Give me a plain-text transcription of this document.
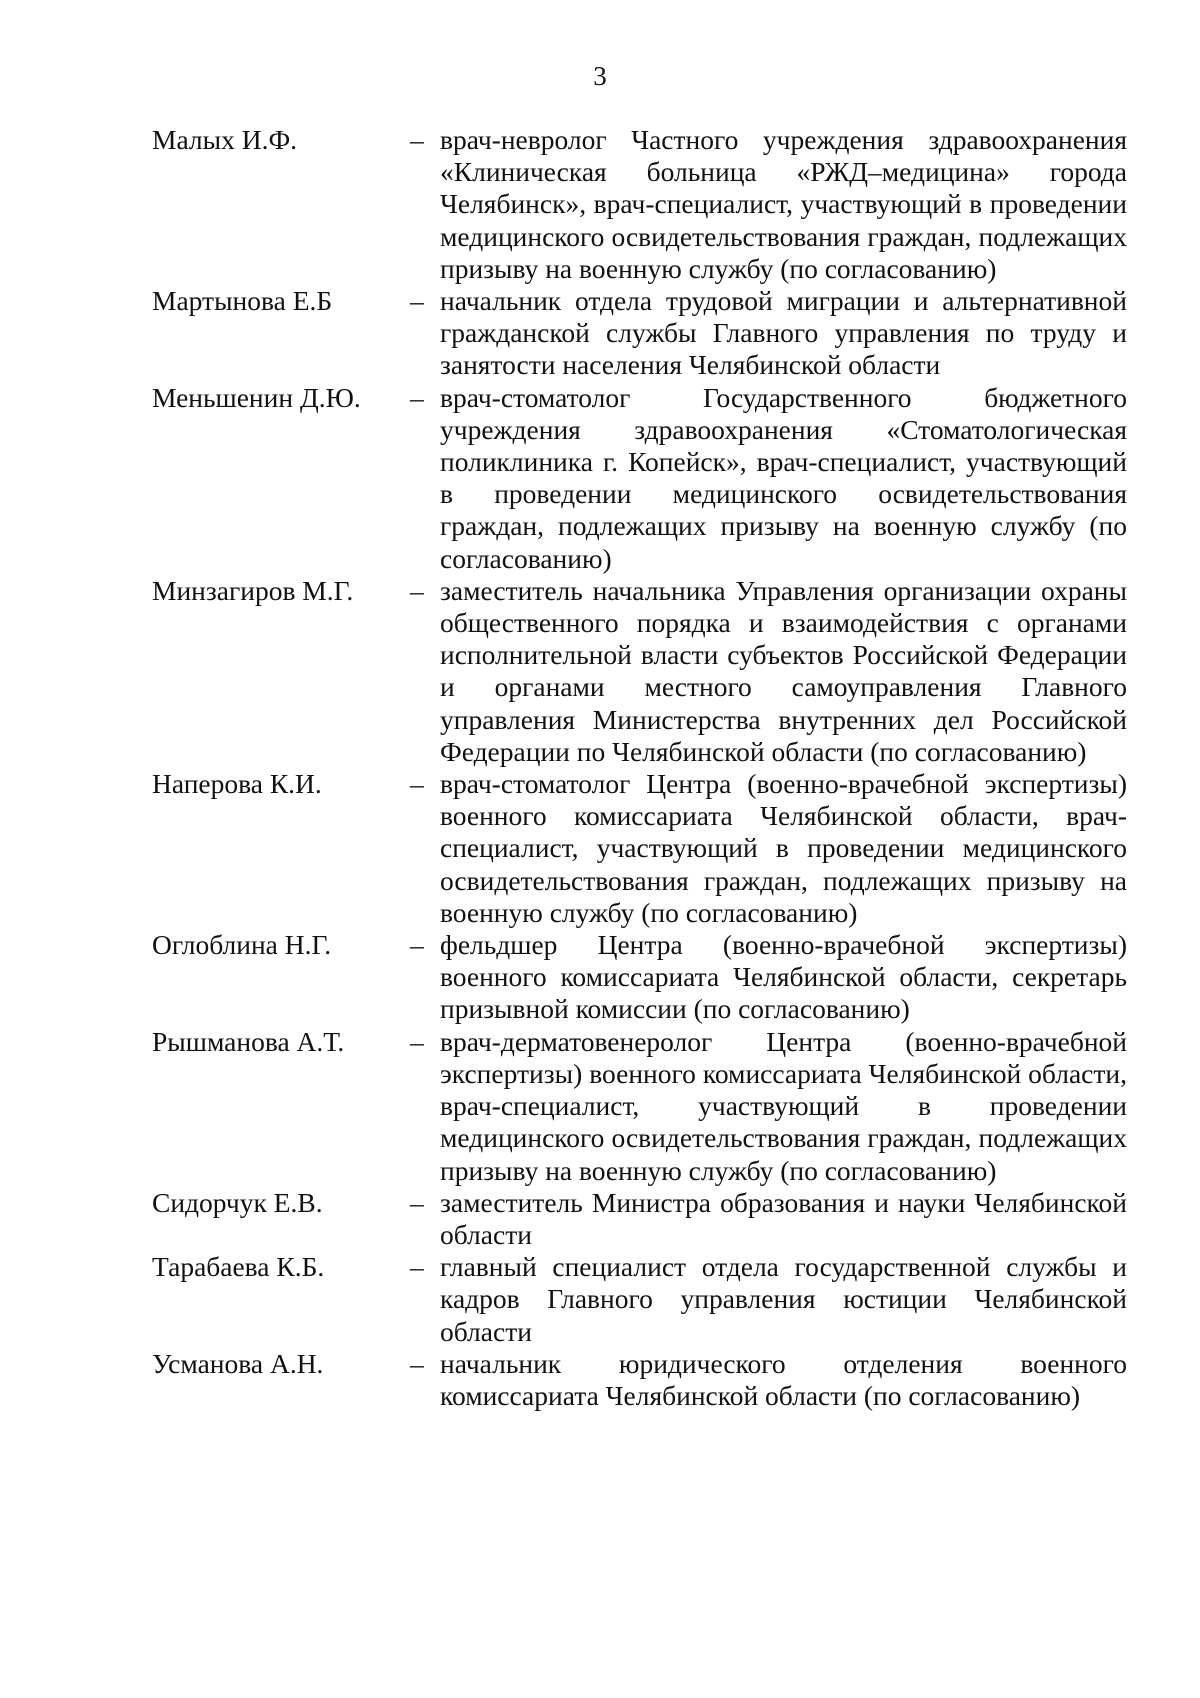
3
Малых И.Ф.	– врач-невролог Частного учреждения здравоохранения «Клиническая больница «РЖД–медицина» города Челябинск», врач-специалист, участвующий в проведении медицинского освидетельствования граждан, подлежащих призыву на военную службу (по согласованию)
Мартынова Е.Б	– начальник отдела трудовой миграции и альтернативной гражданской службы Главного управления по труду и занятости населения Челябинской области
Меньшенин Д.Ю.	– врач-стоматолог Государственного бюджетного учреждения здравоохранения «Стоматологическая поликлиника г. Копейск», врач-специалист, участвующий в проведении медицинского освидетельствования граждан, подлежащих призыву на военную службу (по согласованию)
Минзагиров М.Г.	– заместитель начальника Управления организации охраны общественного порядка и взаимодействия с органами исполнительной власти субъектов Российской Федерации и органами местного самоуправления Главного управления Министерства внутренних дел Российской Федерации по Челябинской области (по согласованию)
Наперова К.И.	– врач-стоматолог Центра (военно-врачебной экспертизы) военного комиссариата Челябинской области, врач-специалист, участвующий в проведении медицинского освидетельствования граждан, подлежащих призыву на военную службу (по согласованию)
Оглоблина Н.Г.	– фельдшер Центра (военно-врачебной экспертизы) военного комиссариата Челябинской области, секретарь призывной комиссии (по согласованию)
Рышманова А.Т.	– врач-дерматовенеролог Центра (военно-врачебной экспертизы) военного комиссариата Челябинской области, врач-специалист, участвующий в проведении медицинского освидетельствования граждан, подлежащих призыву на военную службу (по согласованию)
Сидорчук Е.В.	– заместитель Министра образования и науки Челябинской области
Тарабаева К.Б.	– главный специалист отдела государственной службы и кадров Главного управления юстиции Челябинской области
Усманова А.Н.	– начальник юридического отделения военного комиссариата Челябинской области (по согласованию)
